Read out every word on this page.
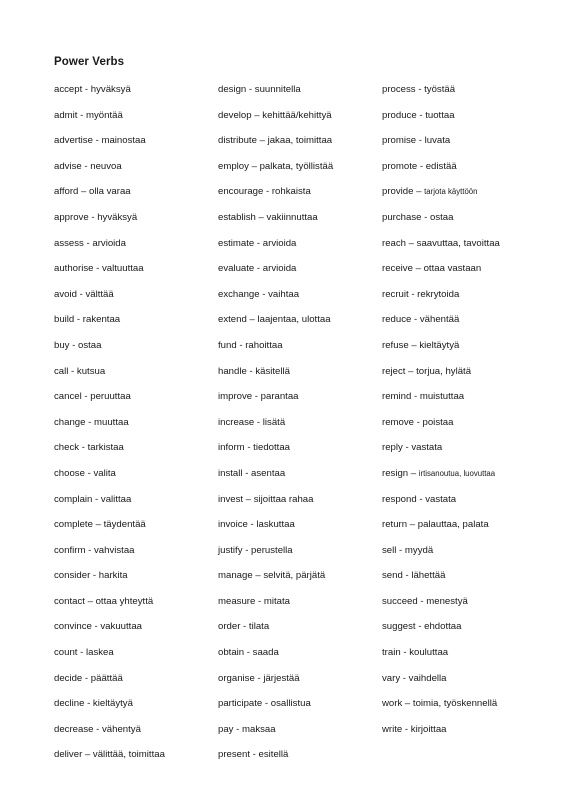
Power Verbs
accept - hyväksyä
admit - myöntää
advertise - mainostaa
advise - neuvoa
afford – olla varaa
approve - hyväksyä
assess - arvioida
authorise - valtuuttaa
avoid - välttää
build - rakentaa
buy - ostaa
call - kutsua
cancel - peruuttaa
change - muuttaa
check - tarkistaa
choose - valita
complain - valittaa
complete – täydentää
confirm - vahvistaa
consider - harkita
contact – ottaa yhteyttä
convince - vakuuttaa
count - laskea
decide - päättää
decline - kieltäytyä
decrease - vähentyä
deliver – välittää, toimittaa
design - suunnitella
develop – kehittää/kehittyä
distribute – jakaa, toimittaa
employ – palkata, työllistää
encourage - rohkaista
establish – vakiinnuttaa
estimate - arvioida
evaluate - arvioida
exchange - vaihtaa
extend – laajentaa, ulottaa
fund - rahoittaa
handle - käsitellä
improve - parantaa
increase - lisätä
inform - tiedottaa
install - asentaa
invest – sijoittaa rahaa
invoice - laskuttaa
justify - perustella
manage – selvitä, pärjätä
measure - mitata
order - tilata
obtain - saada
organise - järjestää
participate - osallistua
pay - maksaa
present - esitellä
process - työstää
produce - tuottaa
promise - luvata
promote - edistää
provide – tarjota käyttöön
purchase - ostaa
reach – saavuttaa, tavoittaa
receive – ottaa vastaan
recruit - rekrytoida
reduce - vähentää
refuse – kieltäytyä
reject – torjua, hylätä
remind - muistuttaa
remove - poistaa
reply - vastata
resign – irtisanoutua, luovuttaa
respond - vastata
return – palauttaa, palata
sell - myydä
send - lähettää
succeed - menestyä
suggest - ehdottaa
train - kouluttaa
vary - vaihdella
work – toimia, työskennellä
write - kirjoittaa
